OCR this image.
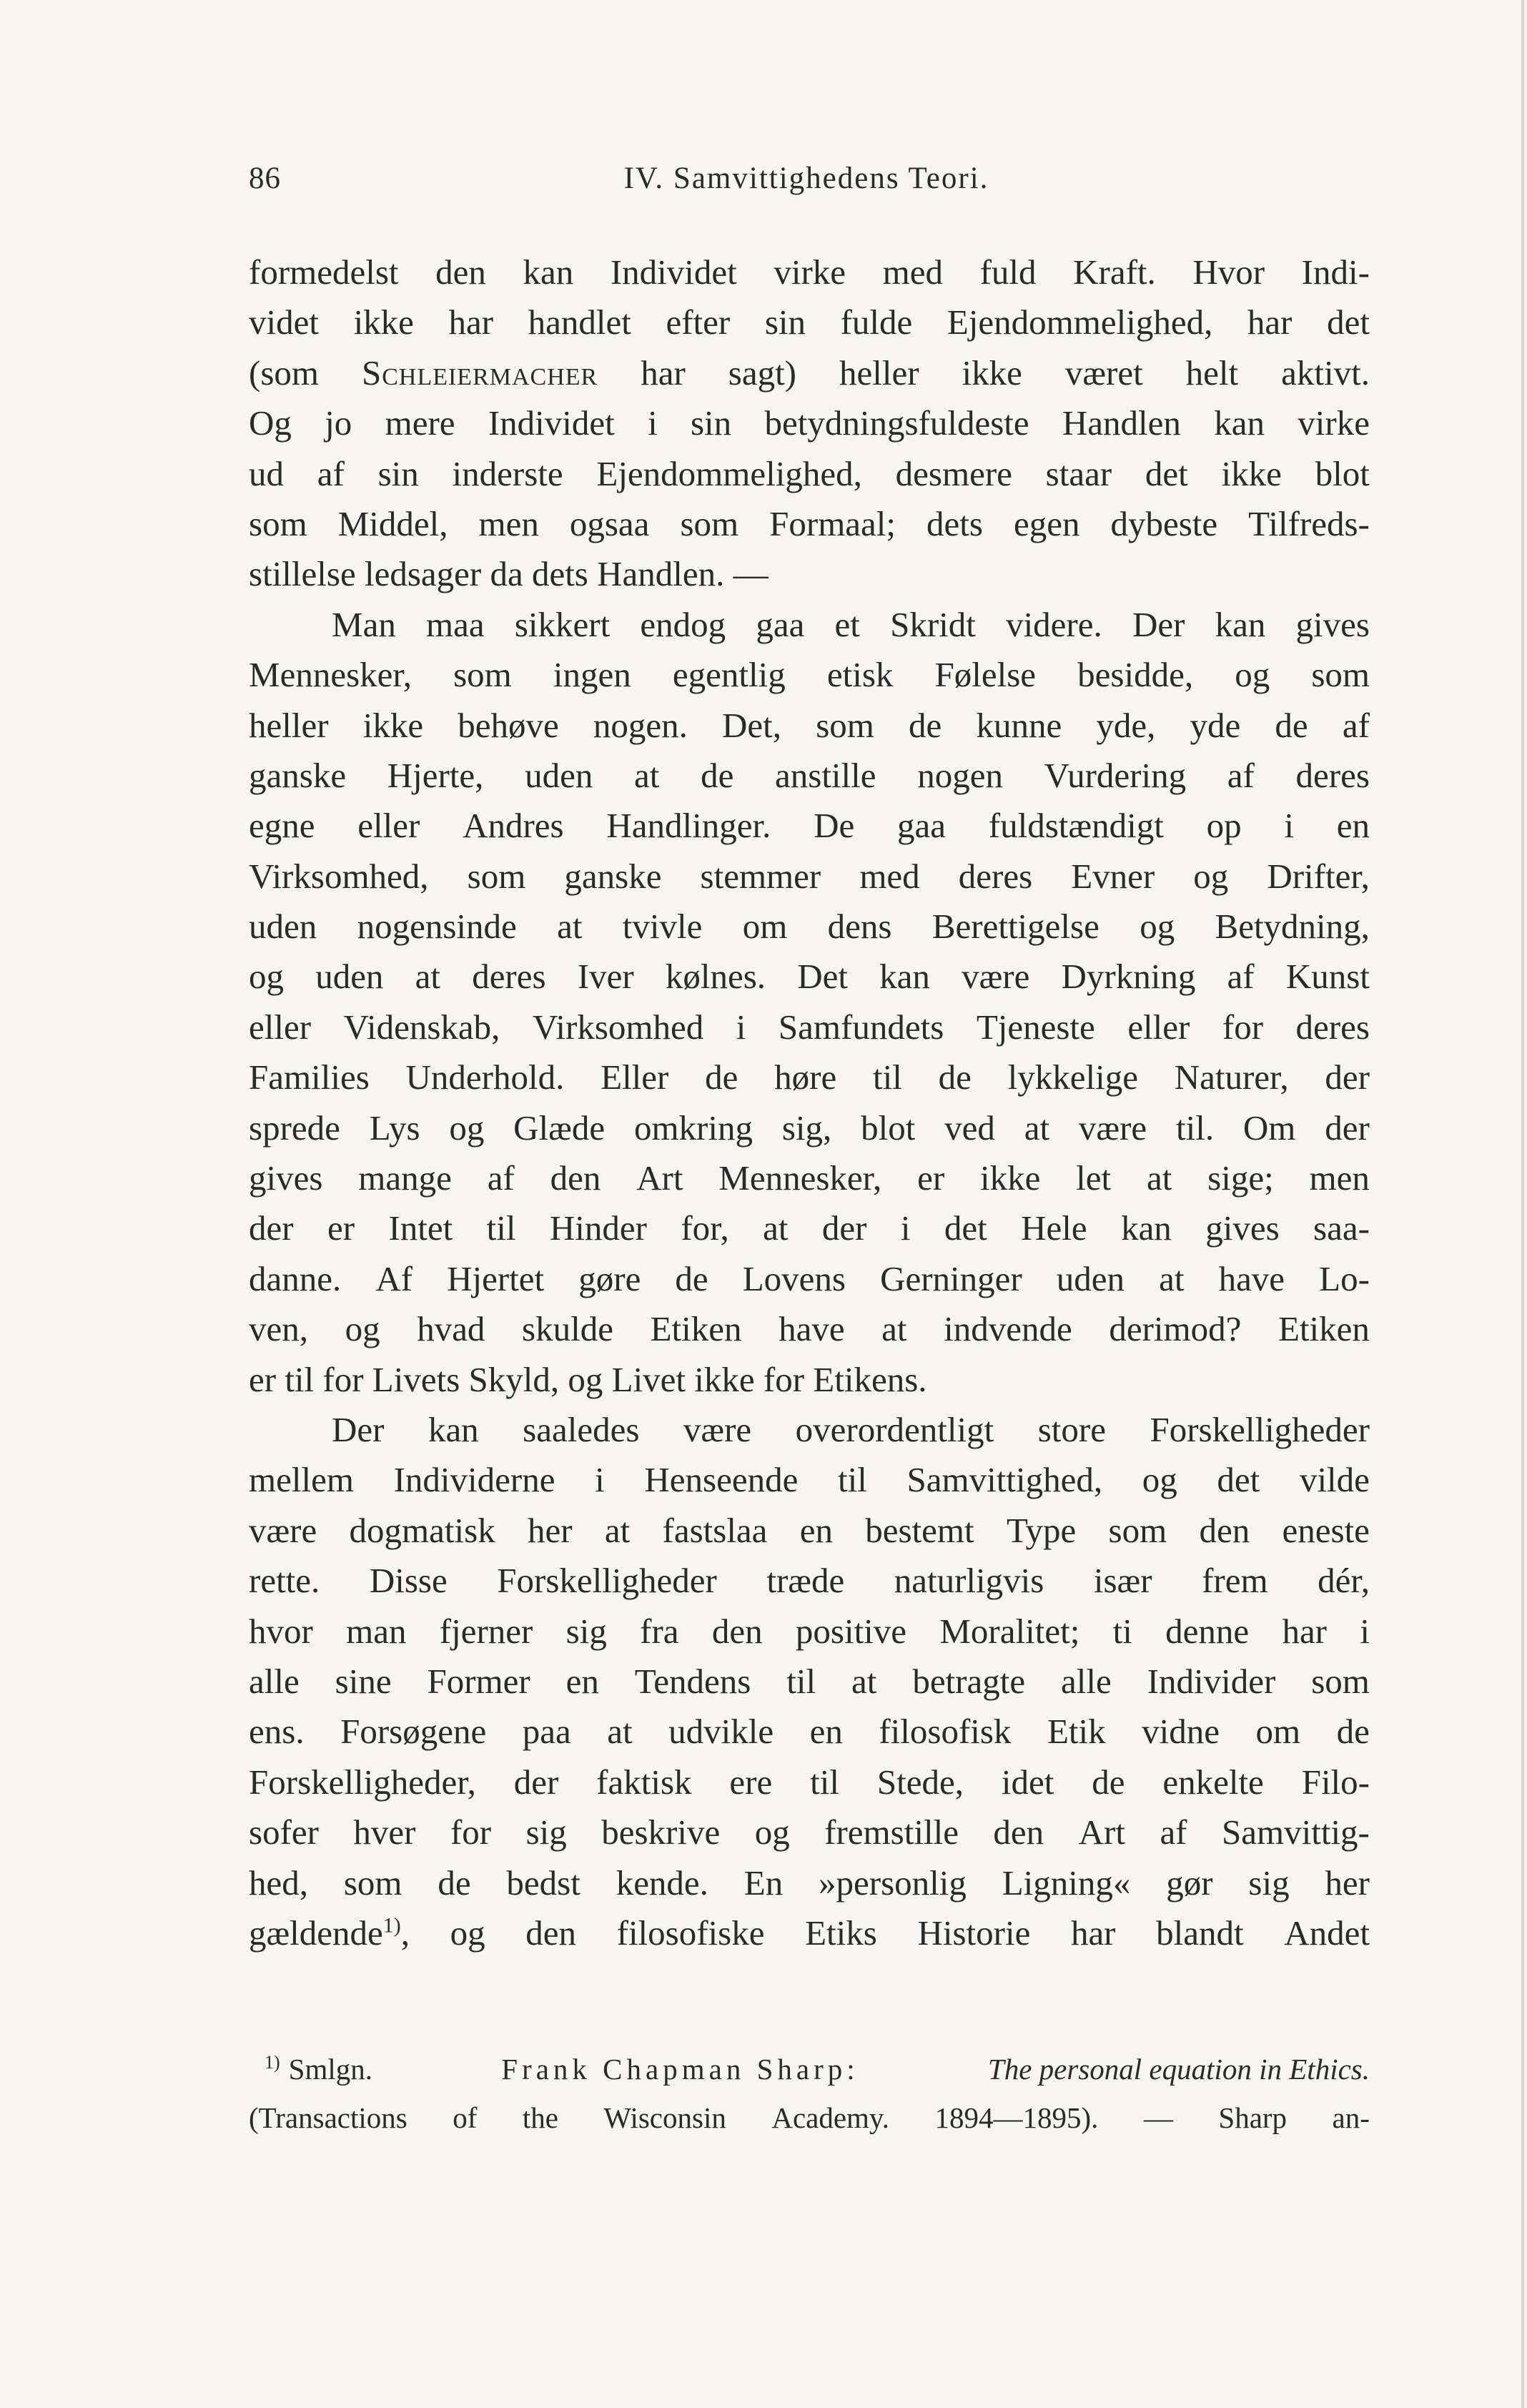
86	IV. Samvittighedens Teori.
formedelst den kan Individet virke med fuld Kraft. Hvor Indi-
videt ikke har handlet efter sin fulde Ejendommelighed, har det
(som Schleiermacher har sagt) heller ikke været helt aktivt.
Og jo mere Individet i sin betydningsfuldeste Handlen kan virke
ud af sin inderste Ejendommelighed, desmere staar det ikke blot
som Middel, men ogsaa som Formaal; dets egen dybeste Tilfreds-
stillelse ledsager da dets Handlen. —
Man maa sikkert endog gaa et Skridt videre. Der kan gives
Mennesker, som ingen egentlig etisk Følelse besidde, og som
heller ikke behøve nogen. Det, som de kunne yde, yde de af
ganske Hjerte, uden at de anstille nogen Vurdering af deres
egne eller Andres Handlinger. De gaa fuldstændigt op i en
Virksomhed, som ganske stemmer med deres Evner og Drifter,
uden nogensinde at tvivle om dens Berettigelse og Betydning,
og uden at deres Iver kølnes. Det kan være Dyrkning af Kunst
eller Videnskab, Virksomhed i Samfundets Tjeneste eller for deres
Families Underhold. Eller de høre til de lykkelige Naturer, der
sprede Lys og Glæde omkring sig, blot ved at være til. Om der
gives mange af den Art Mennesker, er ikke let at sige; men
der er Intet til Hinder for, at der i det Hele kan gives saa-
danne. Af Hjertet gøre de Lovens Gerninger uden at have Lo-
ven, og hvad skulde Etiken have at indvende derimod? Etiken
er til for Livets Skyld, og Livet ikke for Etikens.
Der kan saaledes være overordentligt store Forskelligheder
mellem Individerne i Henseende til Samvittighed, og det vilde
være dogmatisk her at fastslaa en bestemt Type som den eneste
rette. Disse Forskelligheder træde naturligvis især frem dér,
hvor man fjerner sig fra den positive Moralitet; ti denne har i
alle sine Former en Tendens til at betragte alle Individer som
ens. Forsøgene paa at udvikle en filosofisk Etik vidne om de
Forskelligheder, der faktisk ere til Stede, idet de enkelte Filo-
sofer hver for sig beskrive og fremstille den Art af Samvittig-
hed, som de bedst kende. En »personlig Ligning« gør sig her
gældende$^{1)}$, og den filosofiske Etiks Historie har blandt Andet
$^{1)}$ Smlgn.	Frank Chapman Sharp:	The personal equation in Ethics.
(Transactions of the Wisconsin Academy. 1894—1895). — Sharp an-
